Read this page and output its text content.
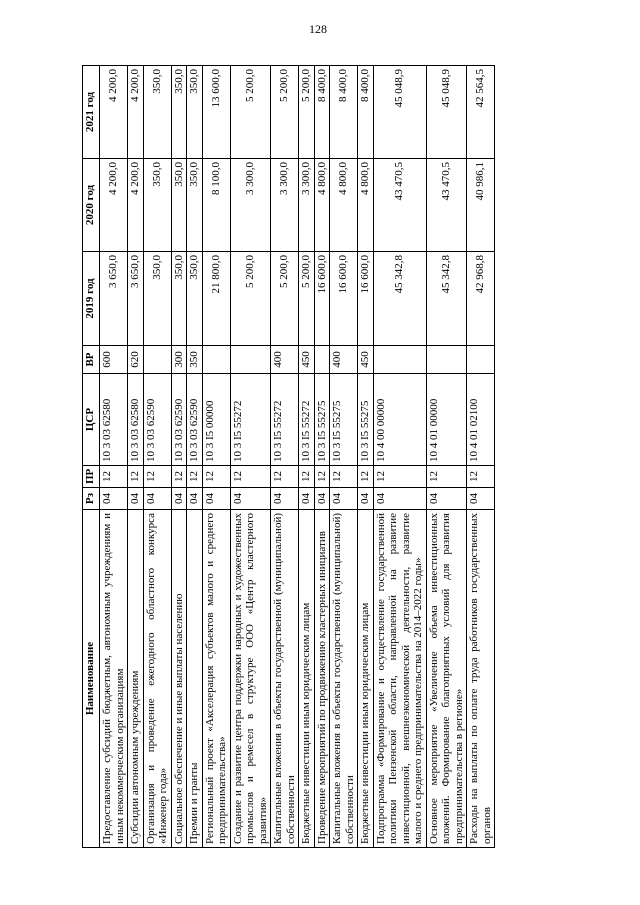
128
Наименование	Рз	ПР	ЦСР	ВР	2019 год	2020 год	2021 год
Предоставление субсидий бюджетным, автономным учреждениям и иным некоммерческим организациям	04	12	10 3 03 62580	600	3 650,0	4 200,0	4 200,0
Субсидии автономным учреждениям	04	12	10 3 03 62580	620	3 650,0	4 200,0	4 200,0
Организация и проведение ежегодного областного конкурса «Инженер года»	04	12	10 3 03 62590		350,0	350,0	350,0
Социальное обеспечение и иные выплаты населению	04	12	10 3 03 62590	300	350,0	350,0	350,0
Премии и гранты	04	12	10 3 03 62590	350	350,0	350,0	350,0
Региональный проект «Акселерация субъектов малого и среднего предпринимательства»	04	12	10 3 I5 00000		21 800,0	8 100,0	13 600,0
Создание и развитие центра поддержки народных и художественных промыслов и ремесел в структуре ООО «Центр кластерного развития»	04	12	10 3 I5 55272		5 200,0	3 300,0	5 200,0
Капитальные вложения в объекты государственной (муниципальной) собственности	04	12	10 3 I5 55272	400	5 200,0	3 300,0	5 200,0
Бюджетные инвестиции иным юридическим лицам	04	12	10 3 I5 55272	450	5 200,0	3 300,0	5 200,0
Проведение мероприятий по продвижению кластерных инициатив	04	12	10 3 I5 55275		16 600,0	4 800,0	8 400,0
Капитальные вложения в объекты государственной (муниципальной) собственности	04	12	10 3 I5 55275	400	16 600,0	4 800,0	8 400,0
Бюджетные инвестиции иным юридическим лицам	04	12	10 3 I5 55275	450	16 600,0	4 800,0	8 400,0
Подпрограмма «Формирование и осуществление государственной политики Пензенской области, направленной на развитие инвестиционной, внешнеэкономической деятельности, развитие малого и среднего предпринимательства на 2014–2022 годы»	04	12	10 4 00 00000		45 342,8	43 470,5	45 048,9
Основное мероприятие «Увеличение объема инвестиционных вложений. Формирование благоприятных условий для развития предпринимательства в регионе»	04	12	10 4 01 00000		45 342,8	43 470,5	45 048,9
Расходы на выплаты по оплате труда работников государственных органов	04	12	10 4 01 02100		42 968,8	40 986,1	42 564,5
